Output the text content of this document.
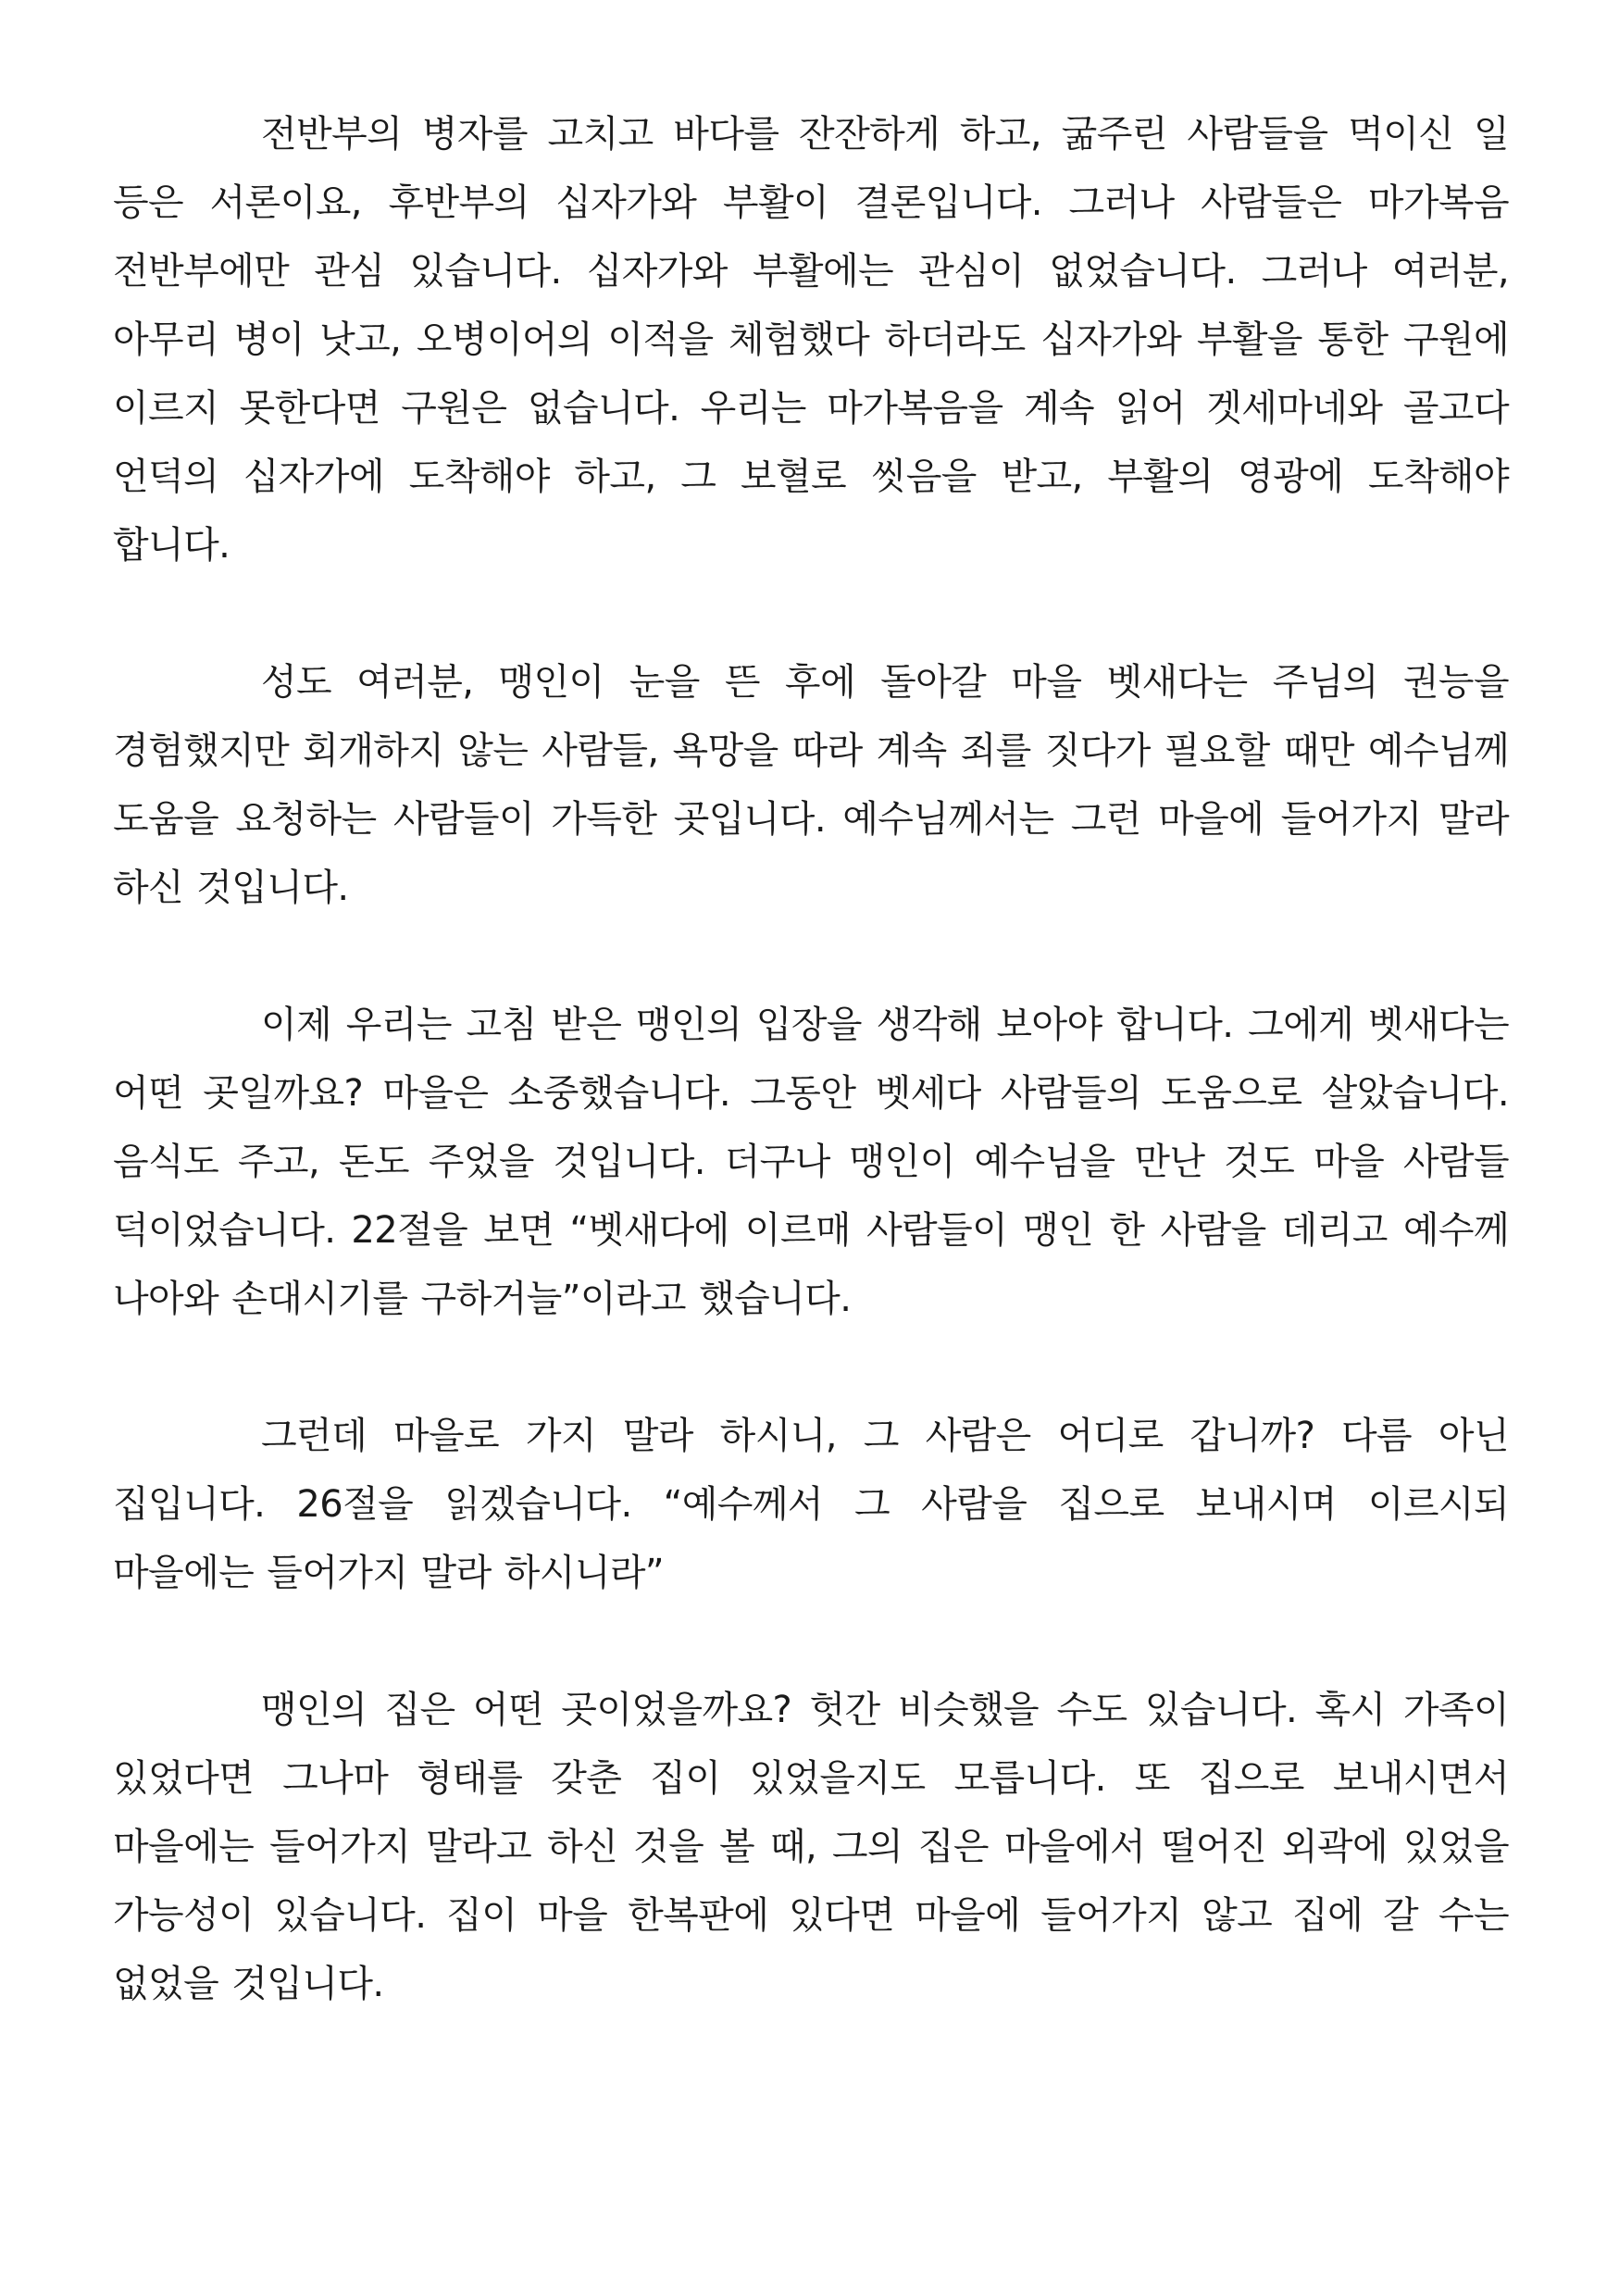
전반부의 병자를 고치고 바다를 잔잔하게 하고, 굶주린 사람들을 먹이신 일 등은 서론이요, 후반부의 십자가와 부활이 결론입니다. 그러나 사람들은 마가복음 전반부에만 관심 있습니다. 십자가와 부활에는 관심이 없었습니다. 그러나 여러분, 아무리 병이 낫고, 오병이어의 이적을 체험했다 하더라도 십자가와 부활을 통한 구원에 이르지 못한다면 구원은 없습니다. 우리는 마가복음을 계속 읽어 겟세마네와 골고다 언덕의 십자가에 도착해야 하고, 그 보혈로 씻음을 받고, 부활의 영광에 도착해야 합니다.

성도 여러분, 맹인이 눈을 뜬 후에 돌아갈 마을 벳새다는 주님의 권능을 경험했지만 회개하지 않는 사람들, 욕망을 따라 계속 죄를 짓다가 필요할 때만 예수님께 도움을 요청하는 사람들이 가득한 곳입니다. 예수님께서는 그런 마을에 들어가지 말라 하신 것입니다.

이제 우리는 고침 받은 맹인의 입장을 생각해 보아야 합니다. 그에게 벳새다는 어떤 곳일까요? 마을은 소중했습니다. 그동안 벳세다 사람들의 도움으로 살았습니다. 음식도 주고, 돈도 주었을 것입니다. 더구나 맹인이 예수님을 만난 것도 마을 사람들 덕이었습니다. 22절을 보면 “벳새다에 이르매 사람들이 맹인 한 사람을 데리고 예수께 나아와 손대시기를 구하거늘”이라고 했습니다.

그런데 마을로 가지 말라 하시니, 그 사람은 어디로 갑니까? 다름 아닌 집입니다. 26절을 읽겠습니다. “예수께서 그 사람을 집으로 보내시며 이르시되 마을에는 들어가지 말라 하시니라”

맹인의 집은 어떤 곳이었을까요? 헛간 비슷했을 수도 있습니다. 혹시 가족이 있었다면 그나마 형태를 갖춘 집이 있었을지도 모릅니다. 또 집으로 보내시면서 마을에는 들어가지 말라고 하신 것을 볼 때, 그의 집은 마을에서 떨어진 외곽에 있었을 가능성이 있습니다. 집이 마을 한복판에 있다면 마을에 들어가지 않고 집에 갈 수는 없었을 것입니다.
